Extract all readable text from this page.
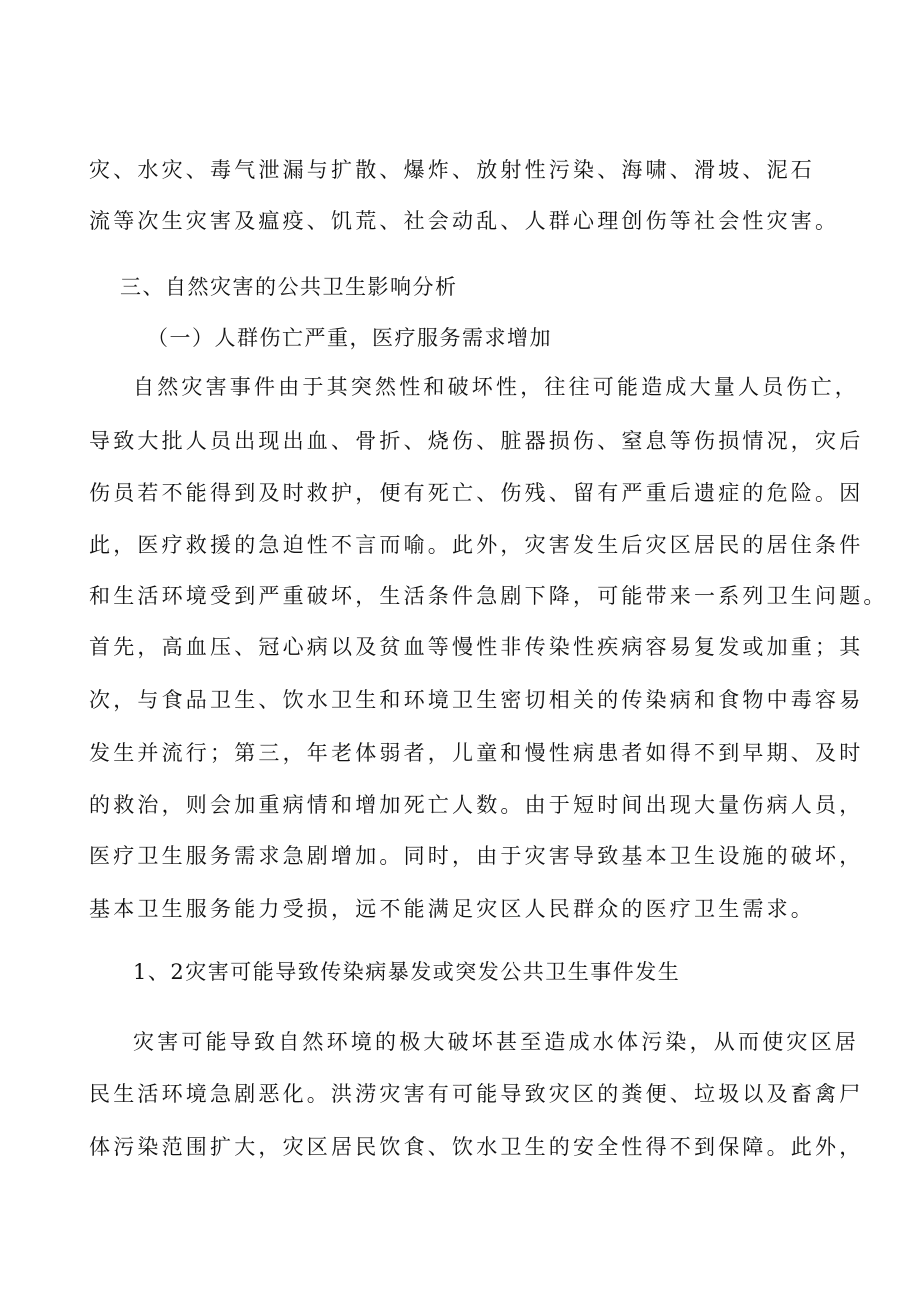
灾、水灾、毒气泄漏与扩散、爆炸、放射性污染、海啸、滑坡、泥石
流等次生灾害及瘟疫、饥荒、社会动乱、人群心理创伤等社会性灾害。
三、自然灾害的公共卫生影响分析
（一）人群伤亡严重，医疗服务需求增加
自然灾害事件由于其突然性和破坏性，往往可能造成大量人员伤亡，
导致大批人员出现出血、骨折、烧伤、脏器损伤、窒息等伤损情况，灾后
伤员若不能得到及时救护，便有死亡、伤残、留有严重后遗症的危险。因
此，医疗救援的急迫性不言而喻。此外，灾害发生后灾区居民的居住条件
和生活环境受到严重破坏，生活条件急剧下降，可能带来一系列卫生问题。
首先，高血压、冠心病以及贫血等慢性非传染性疾病容易复发或加重；其
次，与食品卫生、饮水卫生和环境卫生密切相关的传染病和食物中毒容易
发生并流行；第三，年老体弱者，儿童和慢性病患者如得不到早期、及时
的救治，则会加重病情和增加死亡人数。由于短时间出现大量伤病人员，
医疗卫生服务需求急剧增加。同时，由于灾害导致基本卫生设施的破坏，
基本卫生服务能力受损，远不能满足灾区人民群众的医疗卫生需求。
1、2灾害可能导致传染病暴发或突发公共卫生事件发生
灾害可能导致自然环境的极大破坏甚至造成水体污染，从而使灾区居
民生活环境急剧恶化。洪涝灾害有可能导致灾区的粪便、垃圾以及畜禽尸
体污染范围扩大，灾区居民饮食、饮水卫生的安全性得不到保障。此外，
